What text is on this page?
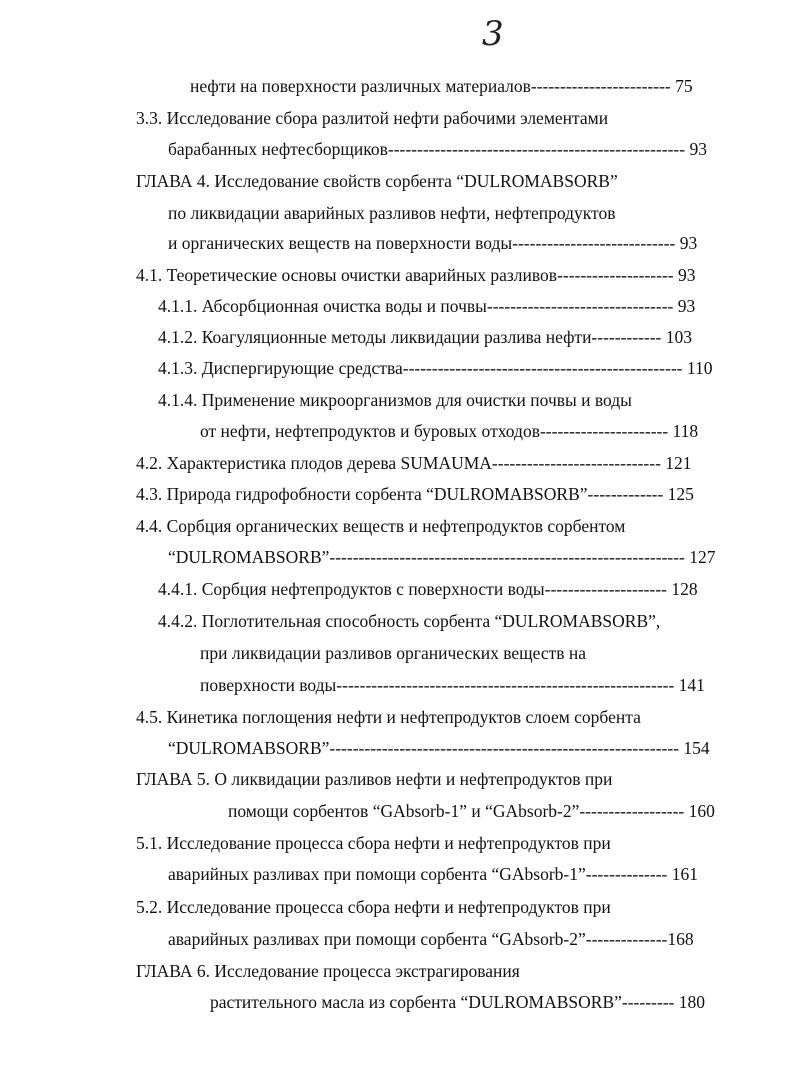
3
нефти на поверхности различных материалов------------------------ 75
3.3. Исследование сбора разлитой нефти рабочими элементами
барабанных нефтесборщиков--------------------------------------------------- 93
ГЛАВА 4. Исследование свойств сорбента “DULROMABSORB”
по ликвидации аварийных разливов нефти, нефтепродуктов
и органических веществ на поверхности воды---------------------------- 93
4.1. Теоретические основы очистки аварийных разливов-------------------- 93
4.1.1. Абсорбционная очистка воды и почвы-------------------------------- 93
4.1.2. Коагуляционные методы ликвидации разлива нефти------------ 103
4.1.3. Диспергирующие средства------------------------------------------------ 110
4.1.4. Применение микроорганизмов для очистки почвы и воды
от нефти, нефтепродуктов и буровых отходов---------------------- 118
4.2. Характеристика плодов дерева SUMAUMA----------------------------- 121
4.3. Природа гидрофобности сорбента “DULROMABSORB”------------- 125
4.4. Сорбция органических веществ и нефтепродуктов сорбентом
“DULROMABSORB”------------------------------------------------------------- 127
4.4.1. Сорбция нефтепродуктов с поверхности воды--------------------- 128
4.4.2. Поглотительная способность сорбента “DULROMABSORB”,
при ликвидации разливов органических веществ на
поверхности воды---------------------------------------------------------- 141
4.5. Кинетика поглощения нефти и нефтепродуктов слоем сорбента
“DULROMABSORB”------------------------------------------------------------ 154
ГЛАВА 5. О ликвидации разливов нефти и нефтепродуктов при
помощи сорбентов “GAbsorb-1” и “GAbsorb-2”------------------ 160
5.1. Исследование процесса сбора нефти и нефтепродуктов при
аварийных разливах при помощи сорбента “GAbsorb-1”-------------- 161
5.2. Исследование процесса сбора нефти и нефтепродуктов при
аварийных разливах при помощи сорбента “GAbsorb-2”--------------168
ГЛАВА 6. Исследование процесса экстрагирования
растительного масла из сорбента “DULROMABSORB”--------- 180
